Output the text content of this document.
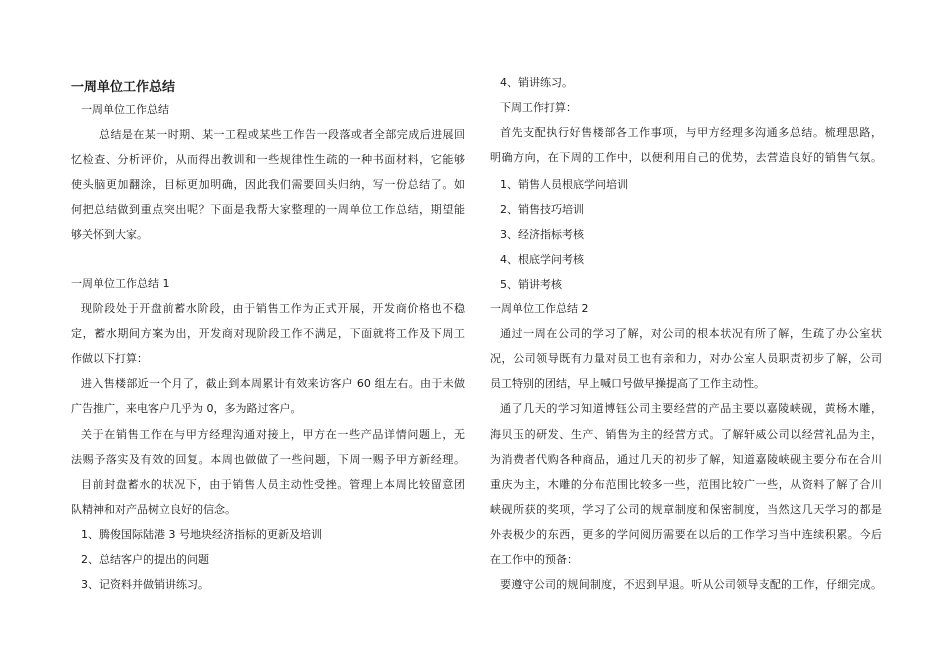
一周单位工作总结
一周单位工作总结
总结是在某一时期、某一工程或某些工作告一段落或者全部完成后进展回
忆检查、分析评价，从而得出教训和一些规律性生疏的一种书面材料，它能够
使头脑更加翻涂，目标更加明确，因此我们需要回头归纳，写一份总结了。如
何把总结做到重点突出呢？下面是我帮大家整理的一周单位工作总结，期望能
够关怀到大家。
一周单位工作总结 1
现阶段处于开盘前蓄水阶段，由于销售工作为正式开展，开发商价格也不稳
定，蓄水期间方案为出，开发商对现阶段工作不满足，下面就将工作及下周工
作做以下打算：
进入售楼部近一个月了，截止到本周累计有效来访客户 60 组左右。由于未做
广告推广，来电客户几乎为 0，多为路过客户。
关于在销售工作在与甲方经理沟通对接上，甲方在一些产品详情问题上，无
法赐予落实及有效的回复。本周也做做了一些问题，下周一赐予甲方新经理。
目前封盘蓄水的状况下，由于销售人员主动性受挫。管理上本周比较留意团
队精神和对产品树立良好的信念。
1、腾俊国际陆港 3 号地块经济指标的更新及培训
2、总结客户的提出的问题
3、记资料并做销讲练习。
4、销讲练习。
下周工作打算：
首先支配执行好售楼部各工作事项，与甲方经理多沟通多总结。梳理思路，
明确方向，在下周的工作中，以便利用自己的优势，去营造良好的销售气氛。
1、销售人员根底学问培训
2、销售技巧培训
3、经济指标考核
4、根底学问考核
5、销讲考核
一周单位工作总结 2
通过一周在公司的学习了解，对公司的根本状况有所了解，生疏了办公室状
况，公司领导既有力量对员工也有亲和力，对办公室人员职责初步了解，公司
员工特别的团结，早上喊口号做早操提高了工作主动性。
通了几天的学习知道博钰公司主要经营的产品主要以嘉陵峡砚，黄杨木雕，
海贝玉的研发、生产、销售为主的经营方式。了解轩威公司以经营礼品为主，
为消费者代购各种商品，通过几天的初步了解，知道嘉陵峡砚主要分布在合川
重庆为主，木雕的分布范围比较多一些，范围比较广一些，从资料了解了合川
峡砚所获的奖项，学习了公司的规章制度和保密制度，当然这几天学习的都是
外表极少的东西，更多的学问阅历需要在以后的工作学习当中连续积累。今后
在工作中的预备：
要遵守公司的规间制度，不迟到早退。听从公司领导支配的工作，仔细完成。
